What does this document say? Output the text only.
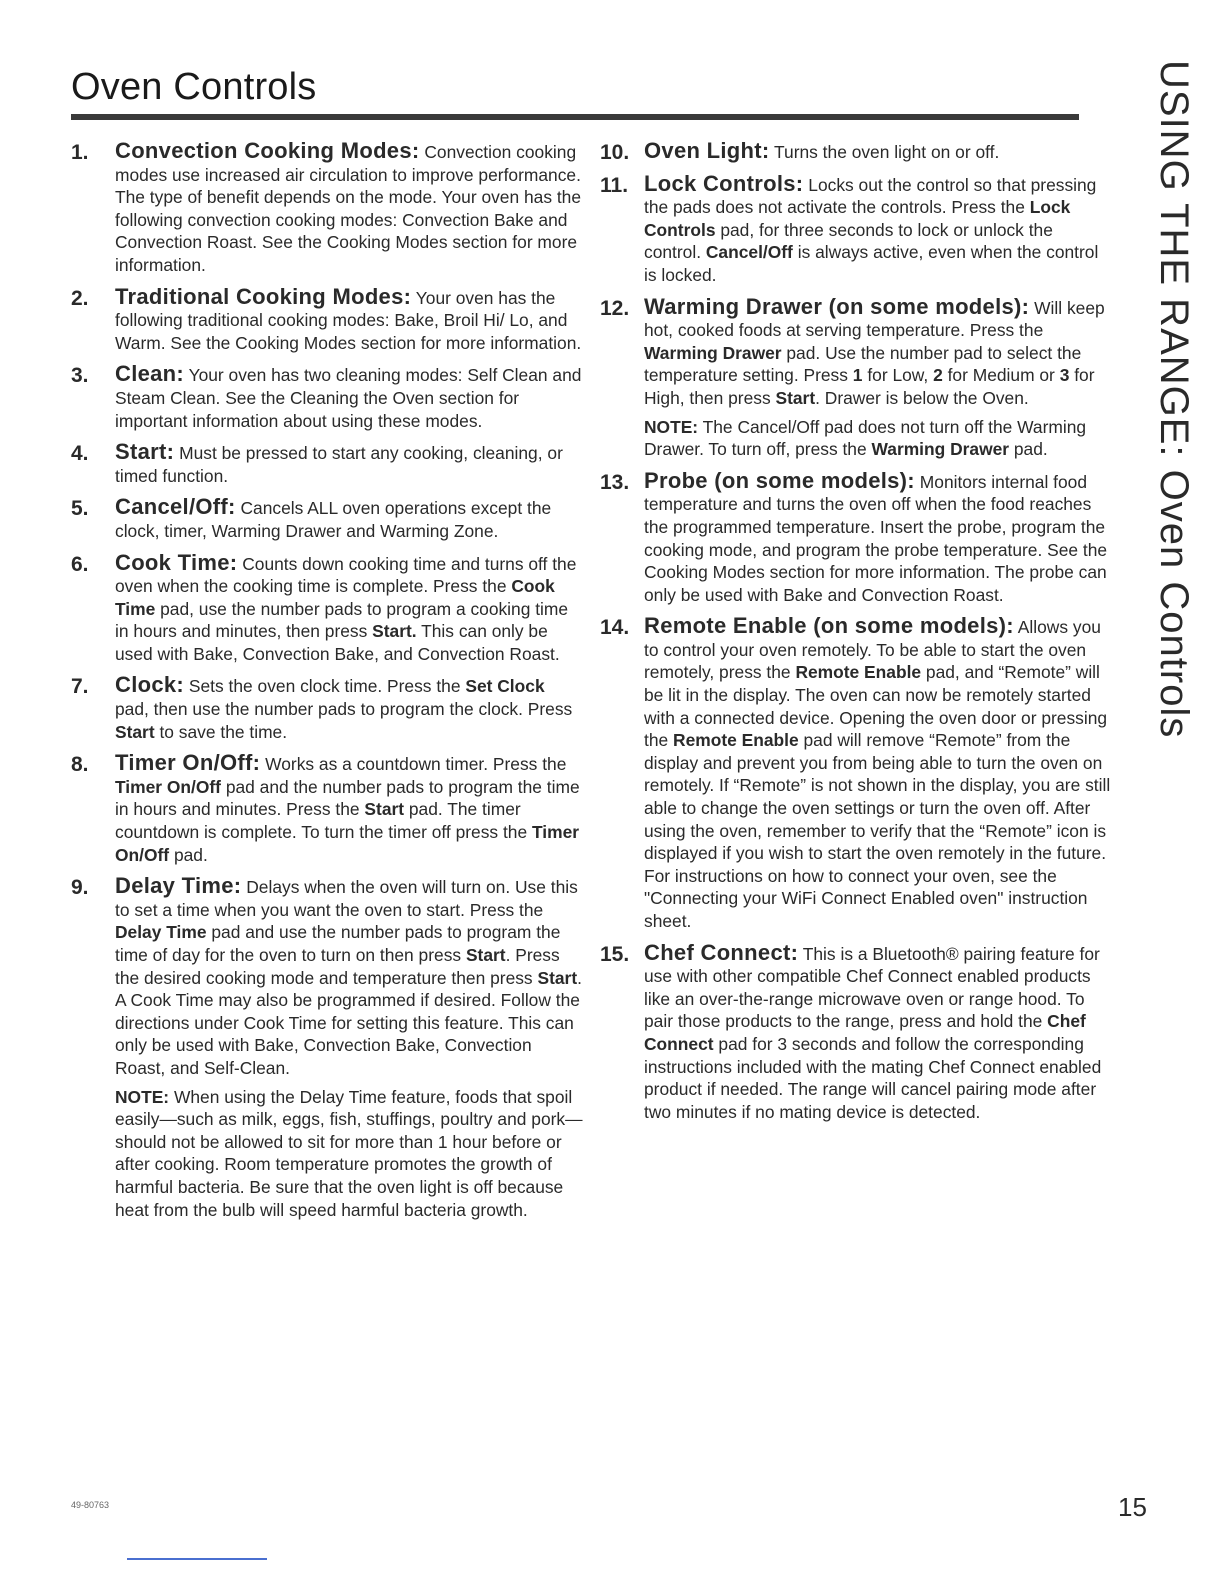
Oven Controls
1. Convection Cooking Modes: Convection cooking modes use increased air circulation to improve performance. The type of benefit depends on the mode. Your oven has the following convection cooking modes: Convection Bake and Convection Roast. See the Cooking Modes section for more information.
2. Traditional Cooking Modes: Your oven has the following traditional cooking modes: Bake, Broil Hi/ Lo, and Warm. See the Cooking Modes section for more information.
3. Clean: Your oven has two cleaning modes: Self Clean and Steam Clean. See the Cleaning the Oven section for important information about using these modes.
4. Start: Must be pressed to start any cooking, cleaning, or timed function.
5. Cancel/Off: Cancels ALL oven operations except the clock, timer, Warming Drawer and Warming Zone.
6. Cook Time: Counts down cooking time and turns off the oven when the cooking time is complete. Press the Cook Time pad, use the number pads to program a cooking time in hours and minutes, then press Start. This can only be used with Bake, Convection Bake, and Convection Roast.
7. Clock: Sets the oven clock time. Press the Set Clock pad, then use the number pads to program the clock. Press Start to save the time.
8. Timer On/Off: Works as a countdown timer. Press the Timer On/Off pad and the number pads to program the time in hours and minutes. Press the Start pad. The timer countdown is complete. To turn the timer off press the Timer On/Off pad.
9. Delay Time: Delays when the oven will turn on. Use this to set a time when you want the oven to start. Press the Delay Time pad and use the number pads to program the time of day for the oven to turn on then press Start. Press the desired cooking mode and temperature then press Start. A Cook Time may also be programmed if desired. Follow the directions under Cook Time for setting this feature. This can only be used with Bake, Convection Bake, Convection Roast, and Self-Clean.
NOTE: When using the Delay Time feature, foods that spoil easily—such as milk, eggs, fish, stuffings, poultry and pork—should not be allowed to sit for more than 1 hour before or after cooking. Room temperature promotes the growth of harmful bacteria. Be sure that the oven light is off because heat from the bulb will speed harmful bacteria growth.
10. Oven Light: Turns the oven light on or off.
11. Lock Controls: Locks out the control so that pressing the pads does not activate the controls. Press the Lock Controls pad, for three seconds to lock or unlock the control. Cancel/Off is always active, even when the control is locked.
12. Warming Drawer (on some models): Will keep hot, cooked foods at serving temperature. Press the Warming Drawer pad. Use the number pad to select the temperature setting. Press 1 for Low, 2 for Medium or 3 for High, then press Start. Drawer is below the Oven.
NOTE: The Cancel/Off pad does not turn off the Warming Drawer. To turn off, press the Warming Drawer pad.
13. Probe (on some models): Monitors internal food temperature and turns the oven off when the food reaches the programmed temperature. Insert the probe, program the cooking mode, and program the probe temperature. See the Cooking Modes section for more information. The probe can only be used with Bake and Convection Roast.
14. Remote Enable (on some models): Allows you to control your oven remotely. To be able to start the oven remotely, press the Remote Enable pad, and “Remote” will be lit in the display. The oven can now be remotely started with a connected device. Opening the oven door or pressing the Remote Enable pad will remove “Remote” from the display and prevent you from being able to turn the oven on remotely. If “Remote” is not shown in the display, you are still able to change the oven settings or turn the oven off. After using the oven, remember to verify that the “Remote” icon is displayed if you wish to start the oven remotely in the future. For instructions on how to connect your oven, see the "Connecting your WiFi Connect Enabled oven" instruction sheet.
15. Chef Connect: This is a Bluetooth® pairing feature for use with other compatible Chef Connect enabled products like an over-the-range microwave oven or range hood. To pair those products to the range, press and hold the Chef Connect pad for 3 seconds and follow the corresponding instructions included with the mating Chef Connect enabled product if needed. The range will cancel pairing mode after two minutes if no mating device is detected.
USING THE RANGE: Oven Controls
49-80763	15
